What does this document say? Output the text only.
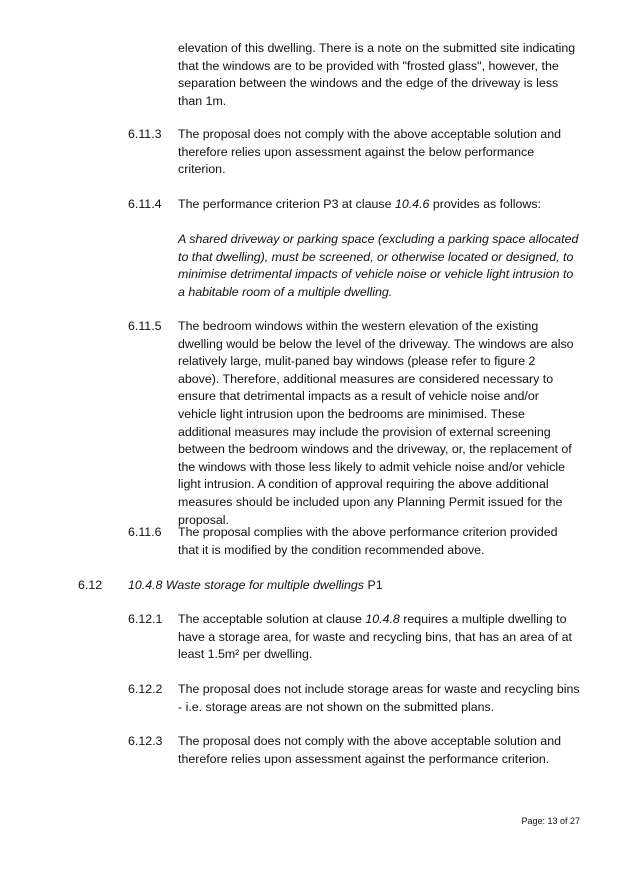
elevation of this dwelling. There is a note on the submitted site indicating that the windows are to be provided with "frosted glass", however, the separation between the windows and the edge of the driveway is less than 1m.

6.11.3 The proposal does not comply with the above acceptable solution and therefore relies upon assessment against the below performance criterion.

6.11.4 The performance criterion P3 at clause 10.4.6 provides as follows:

A shared driveway or parking space (excluding a parking space allocated to that dwelling), must be screened, or otherwise located or designed, to minimise detrimental impacts of vehicle noise or vehicle light intrusion to a habitable room of a multiple dwelling.

6.11.5 The bedroom windows within the western elevation of the existing dwelling would be below the level of the driveway. The windows are also relatively large, mulit-paned bay windows (please refer to figure 2 above). Therefore, additional measures are considered necessary to ensure that detrimental impacts as a result of vehicle noise and/or vehicle light intrusion upon the bedrooms are minimised. These additional measures may include the provision of external screening between the bedroom windows and the driveway, or, the replacement of the windows with those less likely to admit vehicle noise and/or vehicle light intrusion. A condition of approval requiring the above additional measures should be included upon any Planning Permit issued for the proposal.

6.11.6 The proposal complies with the above performance criterion provided that it is modified by the condition recommended above.

6.12 10.4.8 Waste storage for multiple dwellings P1

6.12.1 The acceptable solution at clause 10.4.8 requires a multiple dwelling to have a storage area, for waste and recycling bins, that has an area of at least 1.5m² per dwelling.

6.12.2 The proposal does not include storage areas for waste and recycling bins - i.e. storage areas are not shown on the submitted plans.

6.12.3 The proposal does not comply with the above acceptable solution and therefore relies upon assessment against the performance criterion.

Page: 13 of 27
